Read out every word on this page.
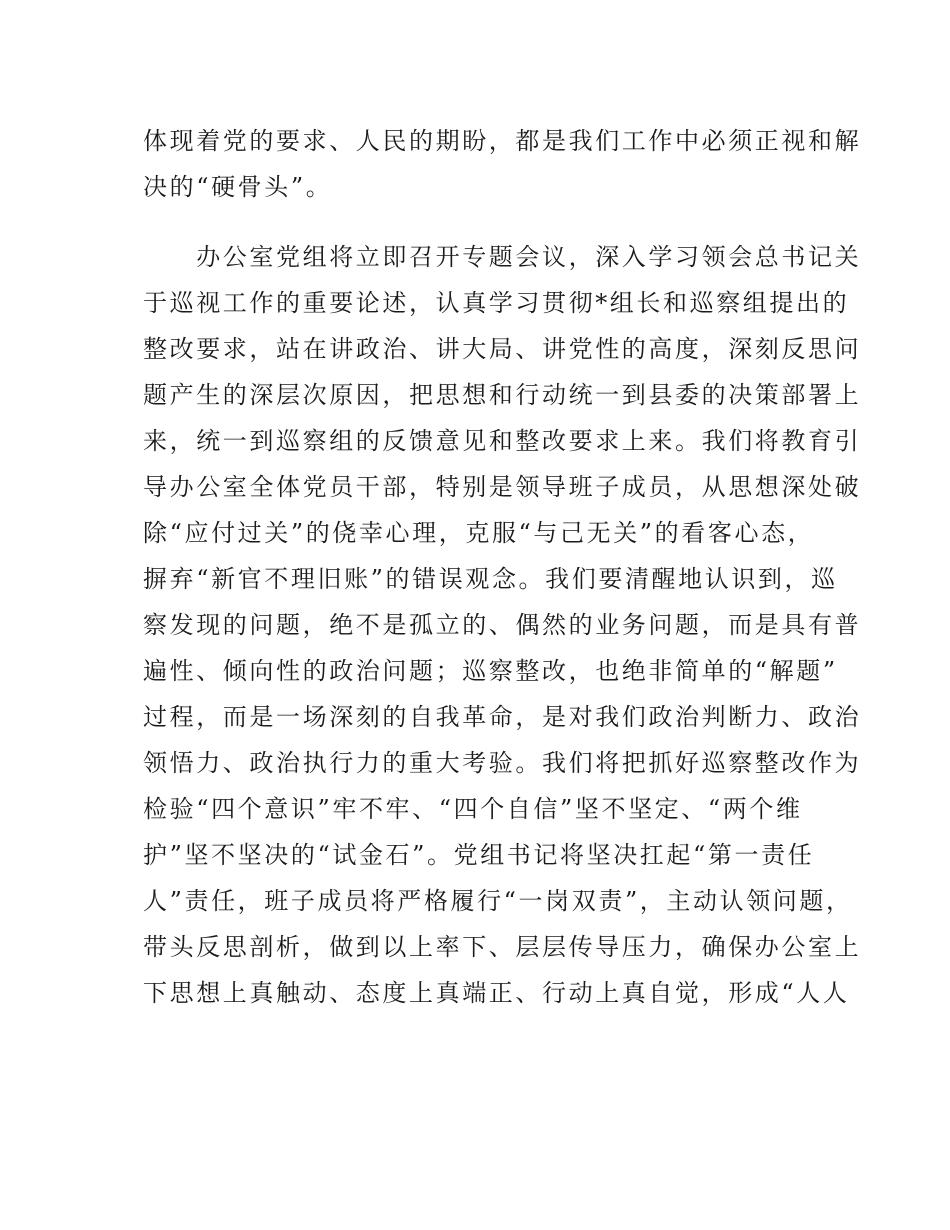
体现着党的要求、人民的期盼，都是我们工作中必须正视和解
决的“硬骨头”。
　　办公室党组将立即召开专题会议，深入学习领会总书记关
于巡视工作的重要论述，认真学习贯彻*组长和巡察组提出的
整改要求，站在讲政治、讲大局、讲党性的高度，深刻反思问
题产生的深层次原因，把思想和行动统一到县委的决策部署上
来，统一到巡察组的反馈意见和整改要求上来。我们将教育引
导办公室全体党员干部，特别是领导班子成员，从思想深处破
除“应付过关”的侥幸心理，克服“与己无关”的看客心态，
摒弃“新官不理旧账”的错误观念。我们要清醒地认识到，巡
察发现的问题，绝不是孤立的、偶然的业务问题，而是具有普
遍性、倾向性的政治问题；巡察整改，也绝非简单的“解题”
过程，而是一场深刻的自我革命，是对我们政治判断力、政治
领悟力、政治执行力的重大考验。我们将把抓好巡察整改作为
检验“四个意识”牢不牢、“四个自信”坚不坚定、“两个维
护”坚不坚决的“试金石”。党组书记将坚决扛起“第一责任
人”责任，班子成员将严格履行“一岗双责”，主动认领问题，
带头反思剖析，做到以上率下、层层传导压力，确保办公室上
下思想上真触动、态度上真端正、行动上真自觉，形成“人人
